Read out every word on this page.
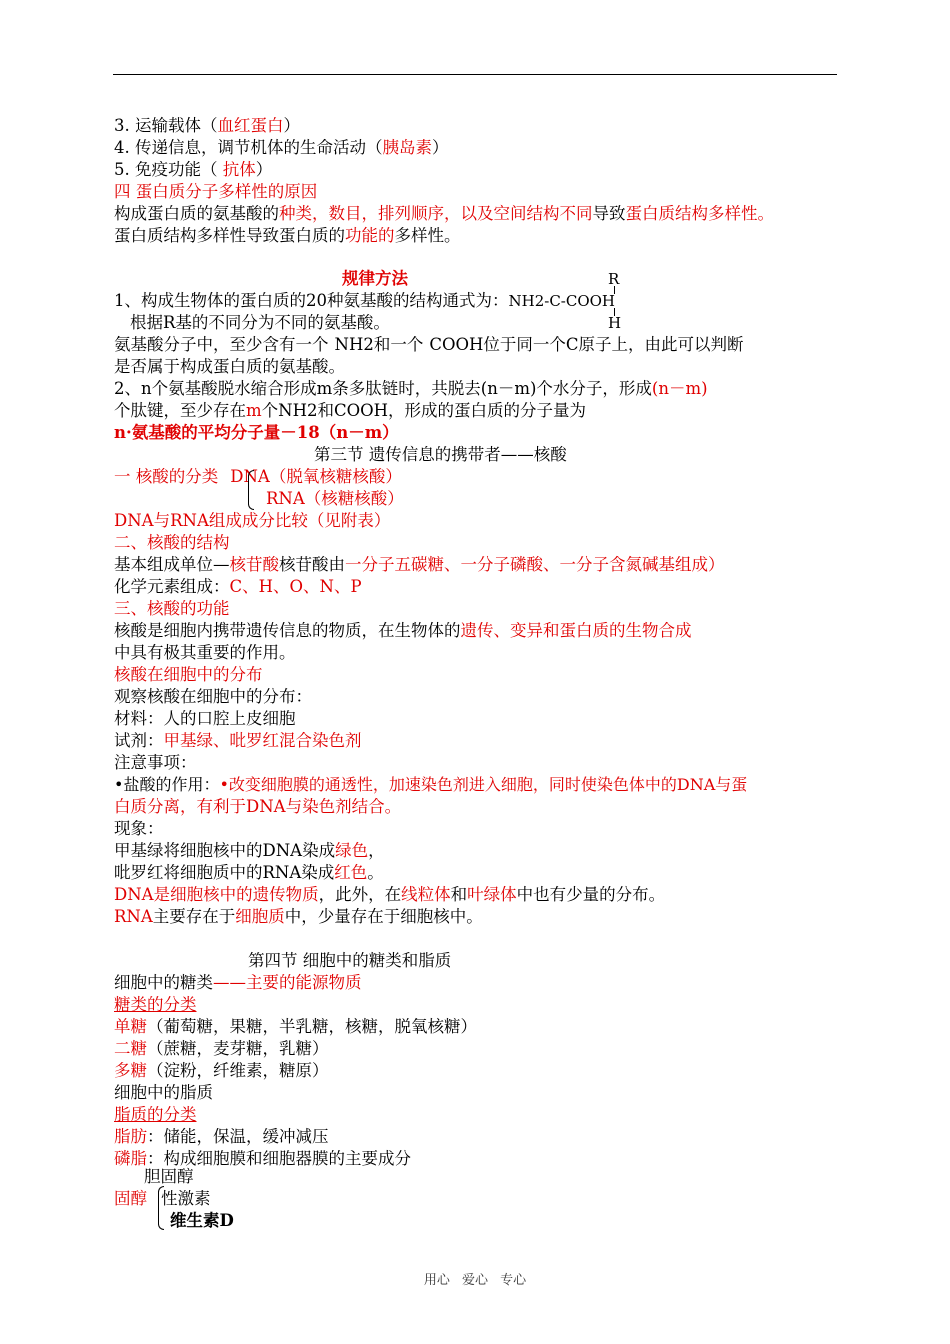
3. 运输载体（血红蛋白）
4. 传递信息，调节机体的生命活动（胰岛素）
5. 免疫功能（ 抗体）
四 蛋白质分子多样性的原因
构成蛋白质的氨基酸的种类，数目，排列顺序，以及空间结构不同导致蛋白质结构多样性。
蛋白质结构多样性导致蛋白质的功能的多样性。
规律方法	R
1、构成生物体的蛋白质的20种氨基酸的结构通式为：NH2-C-COOH
H
根据R基的不同分为不同的氨基酸。
氨基酸分子中，至少含有一个 NH2和一个 COOH位于同一个C原子上，由此可以判断
是否属于构成蛋白质的氨基酸。
2、n个氨基酸脱水缩合形成m条多肽链时，共脱去(n－m)个水分子，形成(n－m)
个肽键，至少存在m个NH2和COOH，形成的蛋白质的分子量为
n·氨基酸的平均分子量－18（n－m）
第三节 遗传信息的携带者——核酸
一 核酸的分类 DNA（脱氧核糖核酸）
RNA（核糖核酸）
DNA与RNA组成成分比较（见附表）
二、核酸的结构
基本组成单位—核苷酸核苷酸由一分子五碳糖、一分子磷酸、一分子含氮碱基组成）
化学元素组成：C、H、O、N、P
三、核酸的功能
核酸是细胞内携带遗传信息的物质，在生物体的遗传、变异和蛋白质的生物合成
中具有极其重要的作用。
核酸在细胞中的分布
观察核酸在细胞中的分布：
材料：人的口腔上皮细胞
试剂：甲基绿、吡罗红混合染色剂
注意事项：
•盐酸的作用：•改变细胞膜的通透性，加速染色剂进入细胞，同时使染色体中的DNA与蛋
白质分离，有利于DNA与染色剂结合。
现象：
甲基绿将细胞核中的DNA染成绿色，
吡罗红将细胞质中的RNA染成红色。
DNA是细胞核中的遗传物质，此外，在线粒体和叶绿体中也有少量的分布。
RNA主要存在于细胞质中，少量存在于细胞核中。
第四节 细胞中的糖类和脂质
细胞中的糖类——主要的能源物质
糖类的分类
单糖（葡萄糖，果糖，半乳糖，核糖，脱氧核糖）
二糖（蔗糖，麦芽糖，乳糖）
多糖（淀粉，纤维素，糖原）
细胞中的脂质
脂质的分类
脂肪：储能，保温，缓冲减压
磷脂：构成细胞膜和细胞器膜的主要成分
胆固醇
固醇 性激素
维生素D
用心 爱心 专心
